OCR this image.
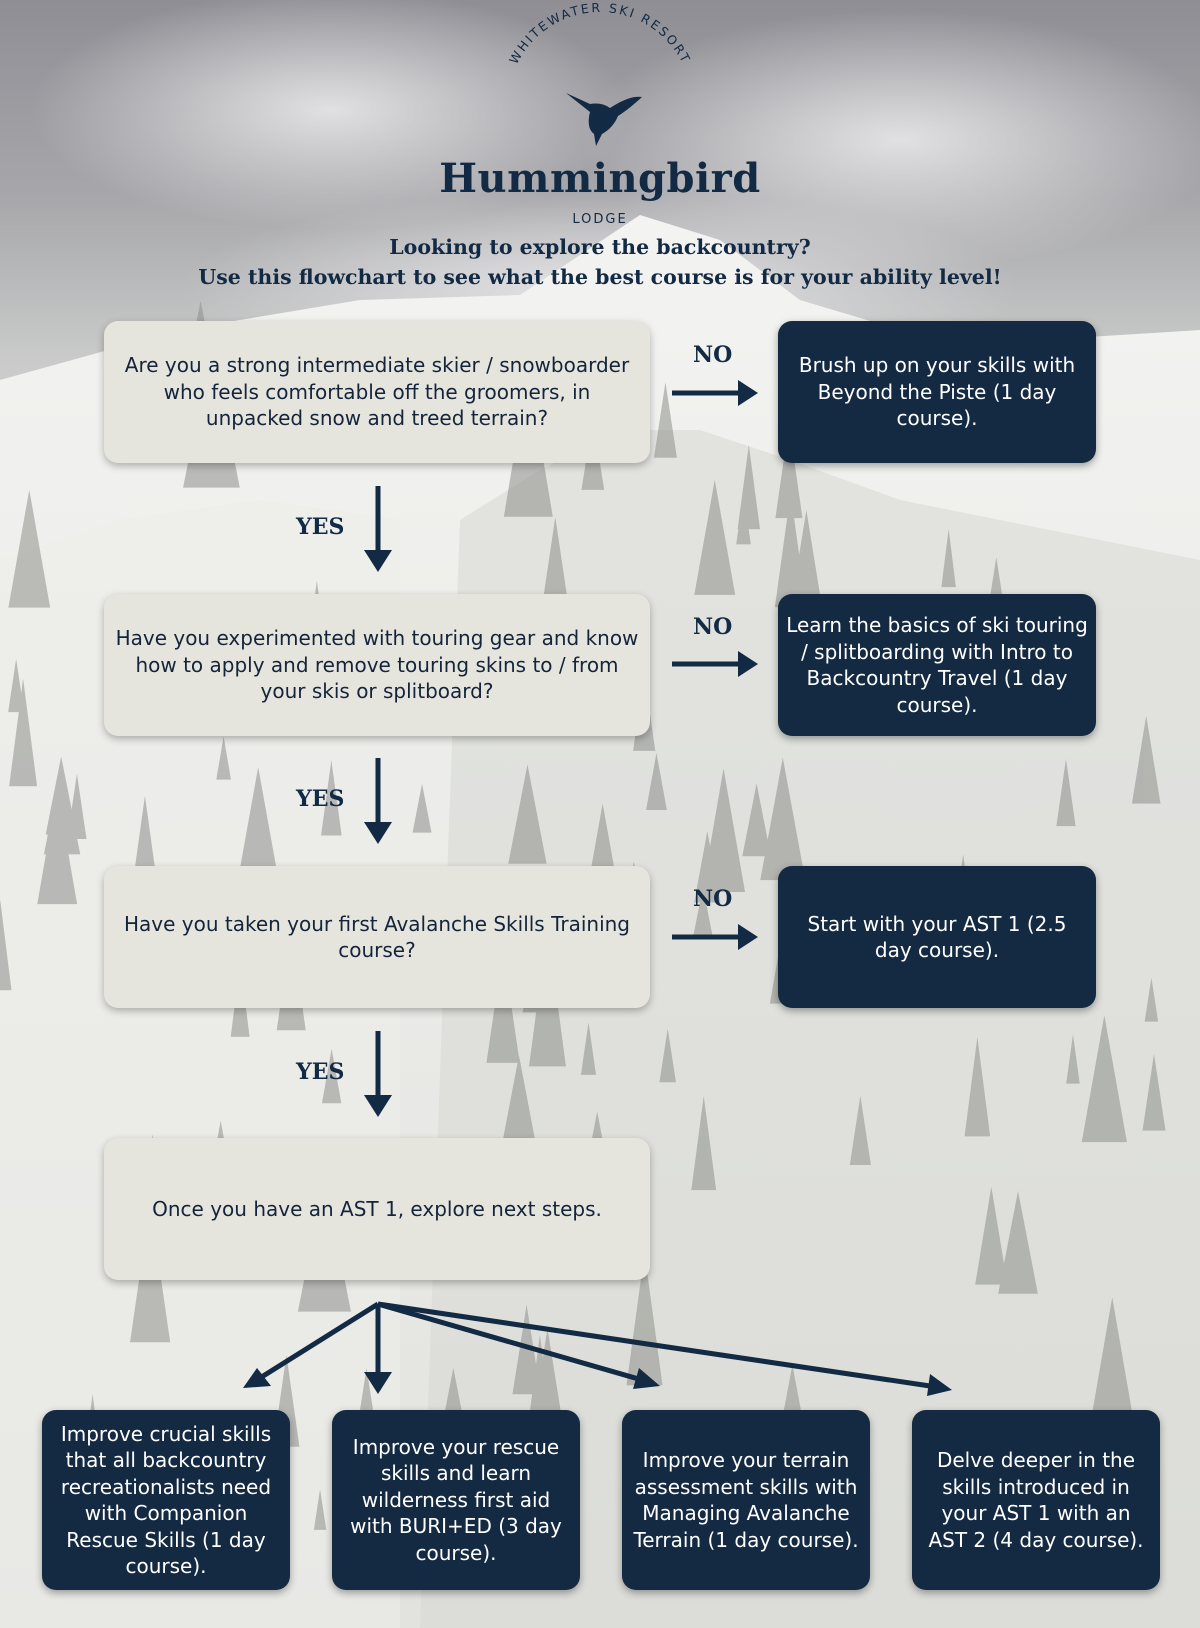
WHITEWATER SKI RESORT
Hummingbird
LODGE
Looking to explore the backcountry?
Use this flowchart to see what the best course is for your ability level!
NO
NO
NO
YES
YES
YES
Are you a strong intermediate skier / snowboarder who feels comfortable off the groomers, in unpacked snow and treed terrain?
Have you experimented with touring gear and know how to apply and remove touring skins to / from your skis or splitboard?
Have you taken your first Avalanche Skills Training course?
Once you have an AST 1, explore next steps.
Brush up on your skills with Beyond the Piste (1 day course).
Learn the basics of ski touring / splitboarding with Intro to Backcountry Travel (1 day course).
Start with your AST 1 (2.5 day course).
Improve crucial skills that all backcountry recreationalists need with Companion Rescue Skills (1 day course).
Improve your rescue skills and learn wilderness first aid with BURI+ED (3 day course).
Improve your terrain assessment skills with Managing Avalanche Terrain (1 day course).
Delve deeper in the skills introduced in your AST 1 with an AST 2 (4 day course).
